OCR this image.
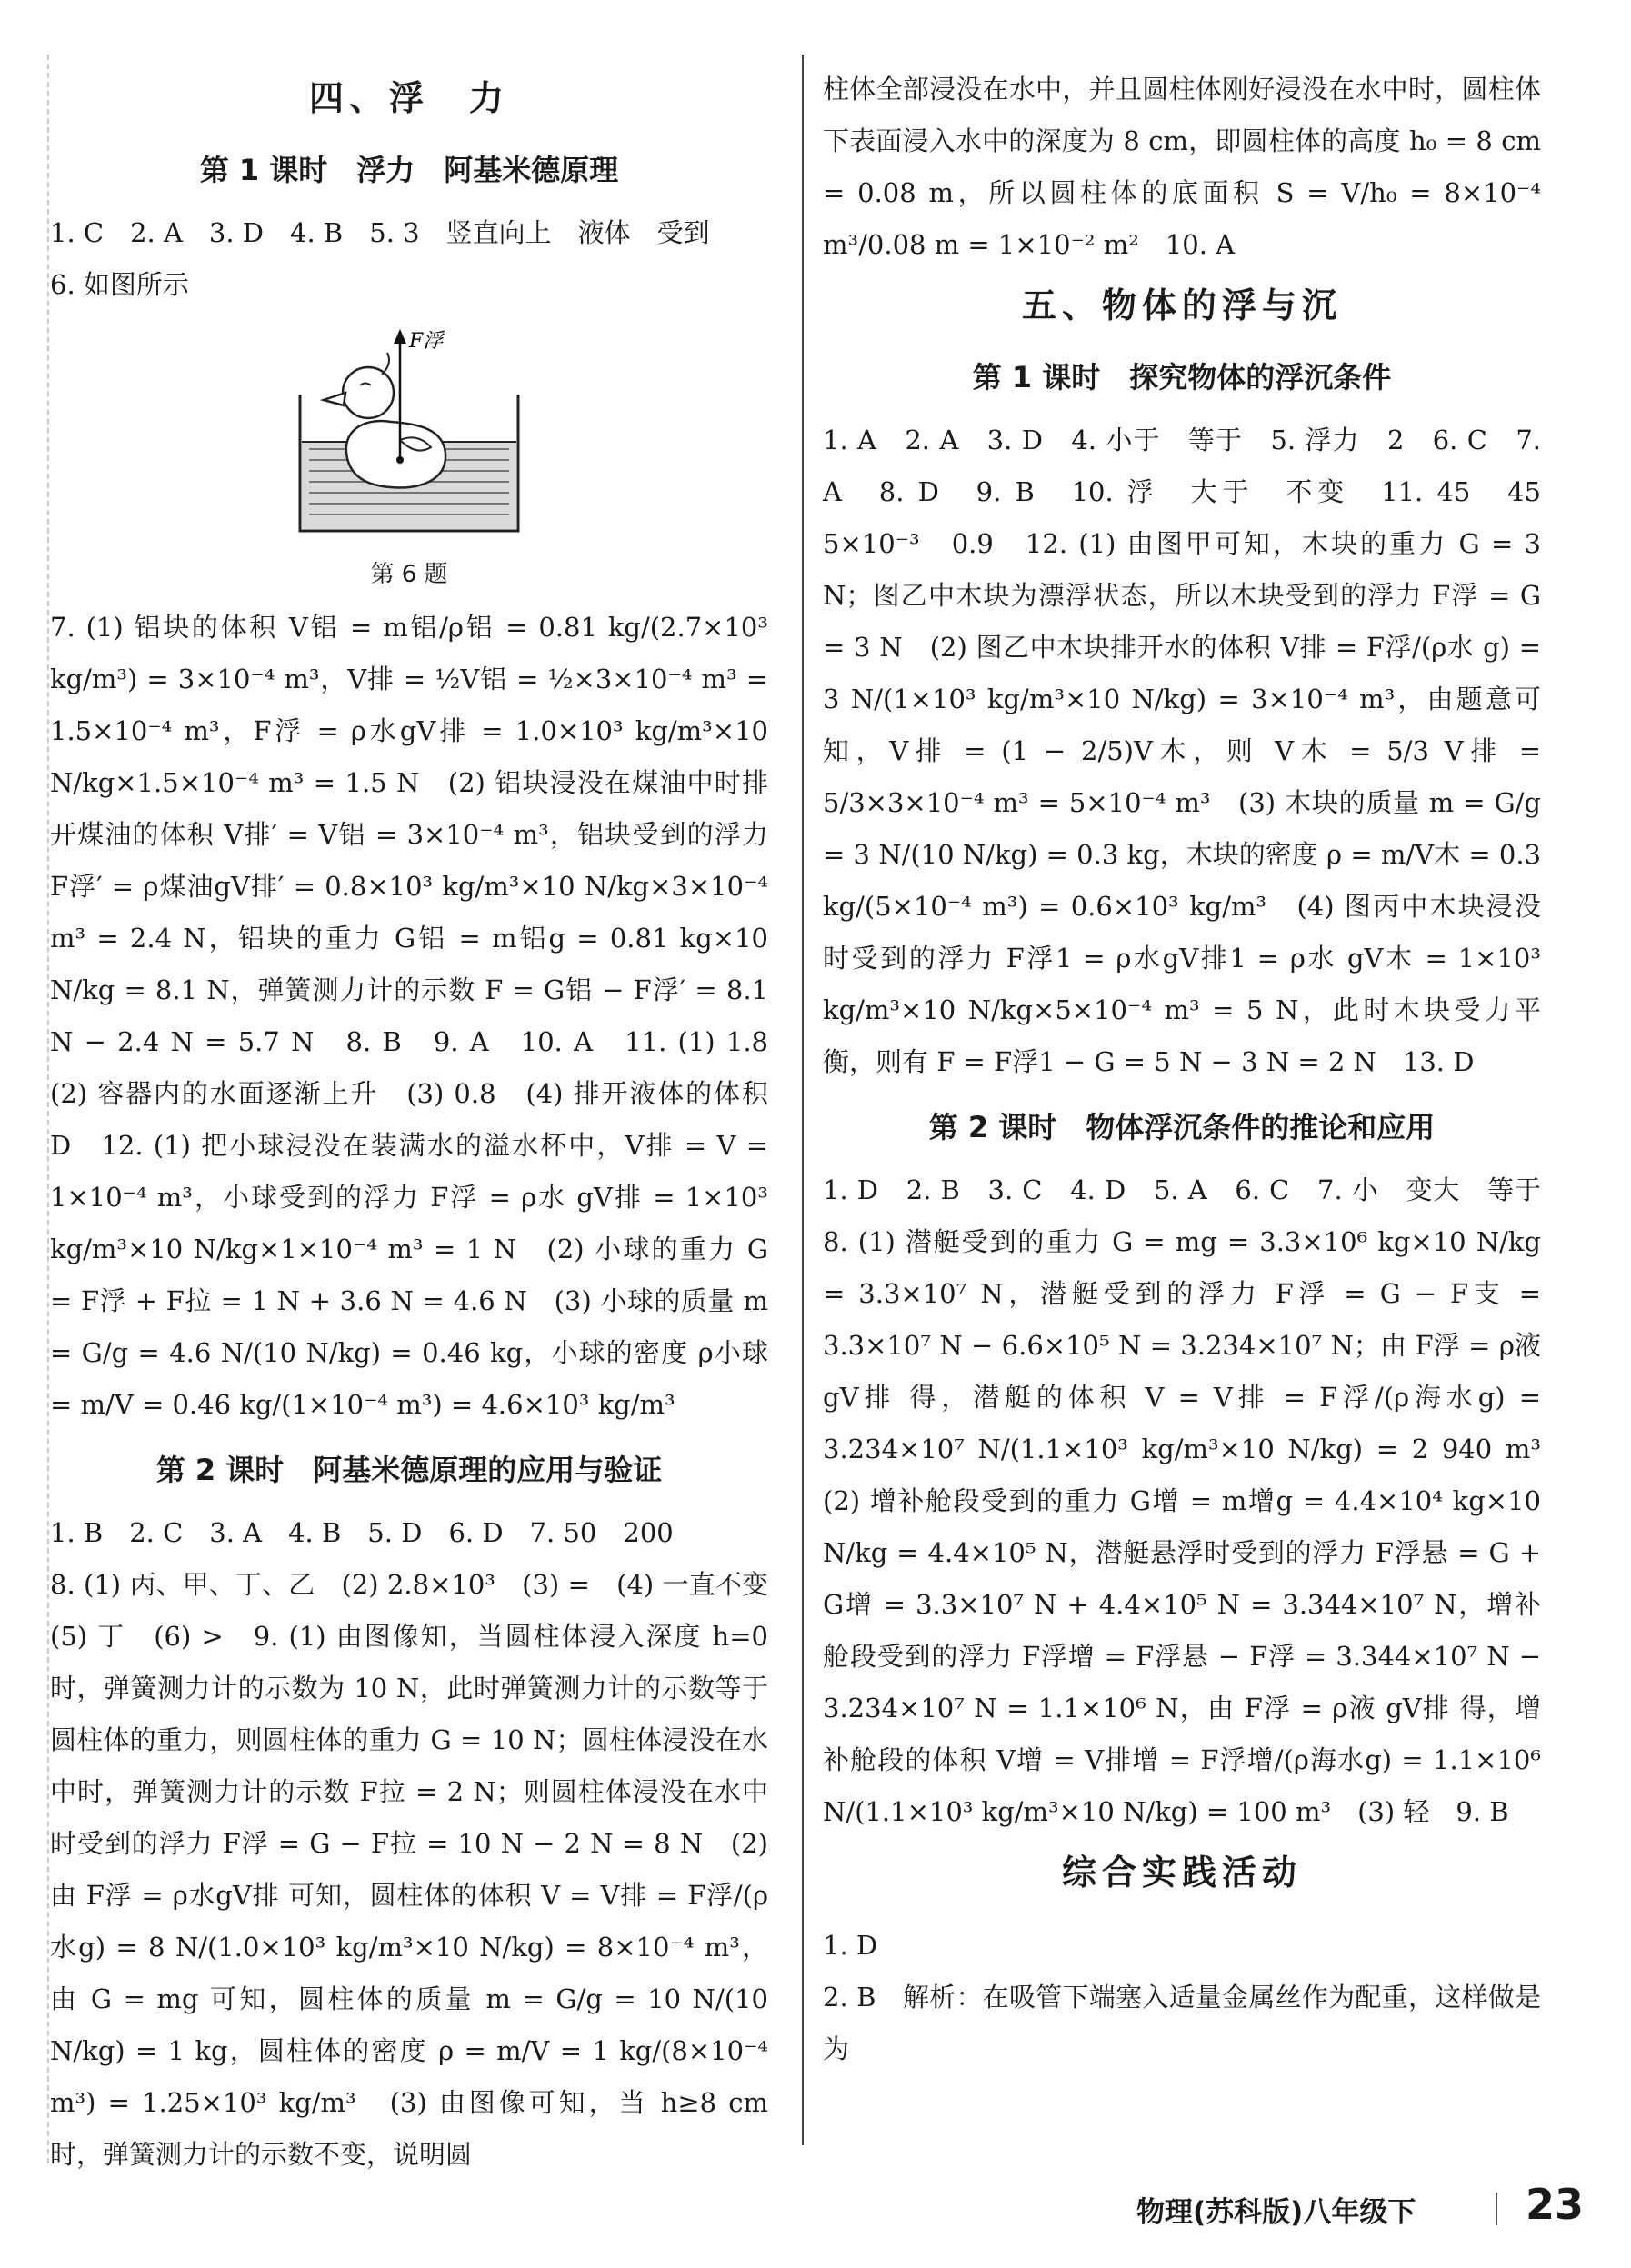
四、浮　力
第 1 课时　浮力　阿基米德原理

1. C　2. A　3. D　4. B　5. 3　竖直向上　液体　受到

6. 如图所示

F浮
第 6 题

7. (1) 铝块的体积 V铝 = m铝/ρ铝 = 0.81 kg/(2.7×10³ kg/m³) = 3×10⁻⁴ m³，V排 = ½V铝 = ½×3×10⁻⁴ m³ = 1.5×10⁻⁴ m³，F浮 = ρ水gV排 = 1.0×10³ kg/m³×10 N/kg×1.5×10⁻⁴ m³ = 1.5 N　(2) 铝块浸没在煤油中时排开煤油的体积 V排′ = V铝 = 3×10⁻⁴ m³，铝块受到的浮力 F浮′ = ρ煤油gV排′ = 0.8×10³ kg/m³×10 N/kg×3×10⁻⁴ m³ = 2.4 N，铝块的重力 G铝 = m铝g = 0.81 kg×10 N/kg = 8.1 N，弹簧测力计的示数 F = G铝 − F浮′ = 8.1 N − 2.4 N = 5.7 N　8. B　9. A　10. A　11. (1) 1.8　(2) 容器内的水面逐渐上升　(3) 0.8　(4) 排开液体的体积　D　12. (1) 把小球浸没在装满水的溢水杯中，V排 = V = 1×10⁻⁴ m³，小球受到的浮力 F浮 = ρ水 gV排 = 1×10³ kg/m³×10 N/kg×1×10⁻⁴ m³ = 1 N　(2) 小球的重力 G = F浮 + F拉 = 1 N + 3.6 N = 4.6 N　(3) 小球的质量 m = G/g = 4.6 N/(10 N/kg) = 0.46 kg，小球的密度 ρ小球 = m/V = 0.46 kg/(1×10⁻⁴ m³) = 4.6×10³ kg/m³

第 2 课时　阿基米德原理的应用与验证

1. B　2. C　3. A　4. B　5. D　6. D　7. 50　200

8. (1) 丙、甲、丁、乙　(2) 2.8×10³　(3) =　(4) 一直不变　(5) 丁　(6) >　9. (1) 由图像知，当圆柱体浸入深度 h=0 时，弹簧测力计的示数为 10 N，此时弹簧测力计的示数等于圆柱体的重力，则圆柱体的重力 G = 10 N；圆柱体浸没在水中时，弹簧测力计的示数 F拉 = 2 N；则圆柱体浸没在水中时受到的浮力 F浮 = G − F拉 = 10 N − 2 N = 8 N　(2) 由 F浮 = ρ水gV排 可知，圆柱体的体积 V = V排 = F浮/(ρ水g) = 8 N/(1.0×10³ kg/m³×10 N/kg) = 8×10⁻⁴ m³，由 G = mg 可知，圆柱体的质量 m = G/g = 10 N/(10 N/kg) = 1 kg，圆柱体的密度 ρ = m/V = 1 kg/(8×10⁻⁴ m³) = 1.25×10³ kg/m³　(3) 由图像可知，当 h≥8 cm 时，弹簧测力计的示数不变，说明圆

柱体全部浸没在水中，并且圆柱体刚好浸没在水中时，圆柱体下表面浸入水中的深度为 8 cm，即圆柱体的高度 h₀ = 8 cm = 0.08 m，所以圆柱体的底面积 S = V/h₀ = 8×10⁻⁴ m³/0.08 m = 1×10⁻² m²　10. A

五、物体的浮与沉
第 1 课时　探究物体的浮沉条件

1. A　2. A　3. D　4. 小于　等于　5. 浮力　2　6. C　7. A　8. D　9. B　10. 浮　大于　不变　11. 45　45　5×10⁻³　0.9　12. (1) 由图甲可知，木块的重力 G = 3 N；图乙中木块为漂浮状态，所以木块受到的浮力 F浮 = G = 3 N　(2) 图乙中木块排开水的体积 V排 = F浮/(ρ水 g) = 3 N/(1×10³ kg/m³×10 N/kg) = 3×10⁻⁴ m³，由题意可知，V排 = (1 − 2/5)V木，则 V木 = 5/3 V排 = 5/3×3×10⁻⁴ m³ = 5×10⁻⁴ m³　(3) 木块的质量 m = G/g = 3 N/(10 N/kg) = 0.3 kg，木块的密度 ρ = m/V木 = 0.3 kg/(5×10⁻⁴ m³) = 0.6×10³ kg/m³　(4) 图丙中木块浸没时受到的浮力 F浮1 = ρ水gV排1 = ρ水 gV木 = 1×10³ kg/m³×10 N/kg×5×10⁻⁴ m³ = 5 N，此时木块受力平衡，则有 F = F浮1 − G = 5 N − 3 N = 2 N　13. D

第 2 课时　物体浮沉条件的推论和应用

1. D　2. B　3. C　4. D　5. A　6. C　7. 小　变大　等于　8. (1) 潜艇受到的重力 G = mg = 3.3×10⁶ kg×10 N/kg = 3.3×10⁷ N，潜艇受到的浮力 F浮 = G − F支 = 3.3×10⁷ N − 6.6×10⁵ N = 3.234×10⁷ N；由 F浮 = ρ液gV排 得，潜艇的体积 V = V排 = F浮/(ρ海水g) = 3.234×10⁷ N/(1.1×10³ kg/m³×10 N/kg) = 2 940 m³　(2) 增补舱段受到的重力 G增 = m增g = 4.4×10⁴ kg×10 N/kg = 4.4×10⁵ N，潜艇悬浮时受到的浮力 F浮悬 = G + G增 = 3.3×10⁷ N + 4.4×10⁵ N = 3.344×10⁷ N，增补舱段受到的浮力 F浮增 = F浮悬 − F浮 = 3.344×10⁷ N − 3.234×10⁷ N = 1.1×10⁶ N，由 F浮 = ρ液 gV排 得，增补舱段的体积 V增 = V排增 = F浮增/(ρ海水g) = 1.1×10⁶ N/(1.1×10³ kg/m³×10 N/kg) = 100 m³　(3) 轻　9. B

综合实践活动

1. D

2. B　解析：在吸管下端塞入适量金属丝作为配重，这样做是为

物理(苏科版)八年级下	23
